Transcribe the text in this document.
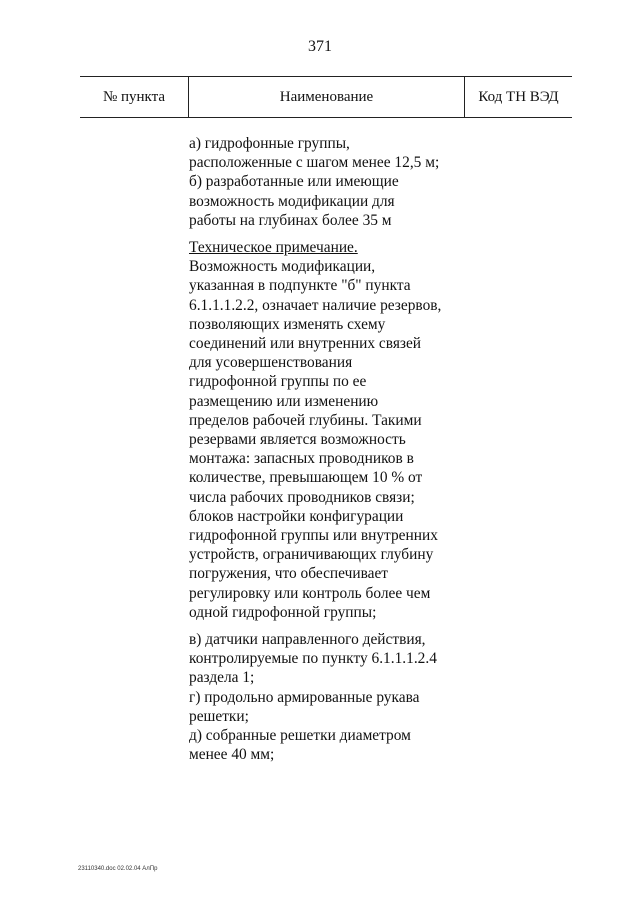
371
№ пункта	Наименование	Код ТН ВЭД
а) гидрофонные группы,
расположенные с шагом менее 12,5 м;
б) разработанные или имеющие
возможность модификации для
работы на глубинах более 35 м
Техническое примечание.
Возможность модификации,
указанная в подпункте "б" пункта
6.1.1.1.2.2, означает наличие резервов,
позволяющих изменять схему
соединений или внутренних связей
для усовершенствования
гидрофонной группы по ее
размещению или изменению
пределов рабочей глубины. Такими
резервами является возможность
монтажа: запасных проводников в
количестве, превышающем 10 % от
числа рабочих проводников связи;
блоков настройки конфигурации
гидрофонной группы или внутренних
устройств, ограничивающих глубину
погружения, что обеспечивает
регулировку или контроль более чем
одной гидрофонной группы;
в) датчики направленного действия,
контролируемые по пункту 6.1.1.1.2.4
раздела 1;
г) продольно армированные рукава
решетки;
д) собранные решетки диаметром
менее 40 мм;
23110340.doc 02.02.04 АлПр
